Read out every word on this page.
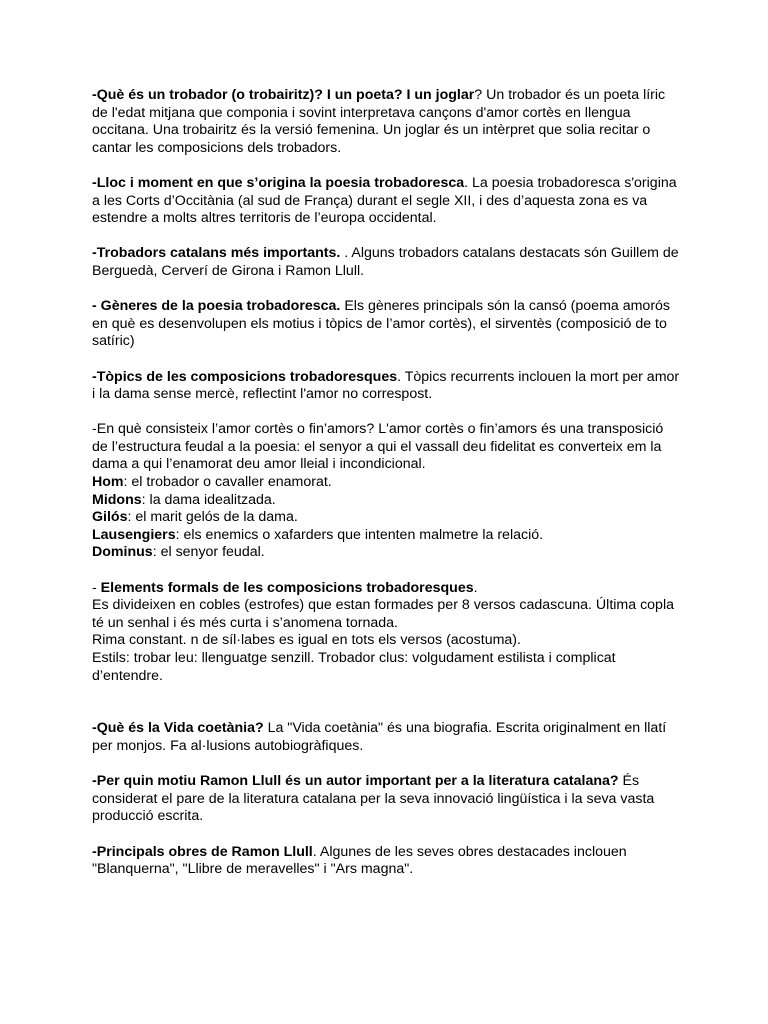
-Què és un trobador (o trobairitz)? I un poeta? I un joglar? Un trobador és un poeta líric de l'edat mitjana que componia i sovint interpretava cançons d'amor cortès en llengua occitana. Una trobairitz és la versió femenina. Un joglar és un intèrpret que solia recitar o cantar les composicions dels trobadors.

-Lloc i moment en que s’origina la poesia trobadoresca. La poesia trobadoresca s'origina a les Corts d’Occitània (al sud de França) durant el segle XII, i des d’aquesta zona es va estendre a molts altres territoris de l’europa occidental.

-Trobadors catalans més importants. . Alguns trobadors catalans destacats són Guillem de Berguedà, Cerverí de Girona i Ramon Llull.

- Gèneres de la poesia trobadoresca. Els gèneres principals són la cansó (poema amorós en què es desenvolupen els motius i tòpics de l’amor cortès), el sirventès (composició de to satíric)

-Tòpics de les composicions trobadoresques. Tòpics recurrents inclouen la mort per amor i la dama sense mercè, reflectint l'amor no correspost.

-En què consisteix l’amor cortès o fin’amors? L'amor cortès o fin’amors és una transposició de l’estructura feudal a la poesia: el senyor a qui el vassall deu fidelitat es converteix em la dama a qui l’enamorat deu amor lleial i incondicional.

Hom: el trobador o cavaller enamorat.

Midons: la dama idealitzada.

Gilós: el marit gelós de la dama.

Lausengiers: els enemics o xafarders que intenten malmetre la relació.

Dominus: el senyor feudal.

- Elements formals de les composicions trobadoresques.

Es divideixen en cobles (estrofes) que estan formades per 8 versos cadascuna. Última copla té un senhal i és més curta i s’anomena tornada.

Rima constant. n de síl·labes es igual en tots els versos (acostuma).

Estils: trobar leu: llenguatge senzill. Trobador clus: volgudament estilista i complicat d’entendre.

-Què és la Vida coetània? La "Vida coetània" és una biografia. Escrita originalment en llatí per monjos. Fa al·lusions autobiogràfiques.

-Per quin motiu Ramon Llull és un autor important per a la literatura catalana? És considerat el pare de la literatura catalana per la seva innovació lingüística i la seva vasta producció escrita.

-Principals obres de Ramon Llull. Algunes de les seves obres destacades inclouen "Blanquerna", "Llibre de meravelles" i "Ars magna".
